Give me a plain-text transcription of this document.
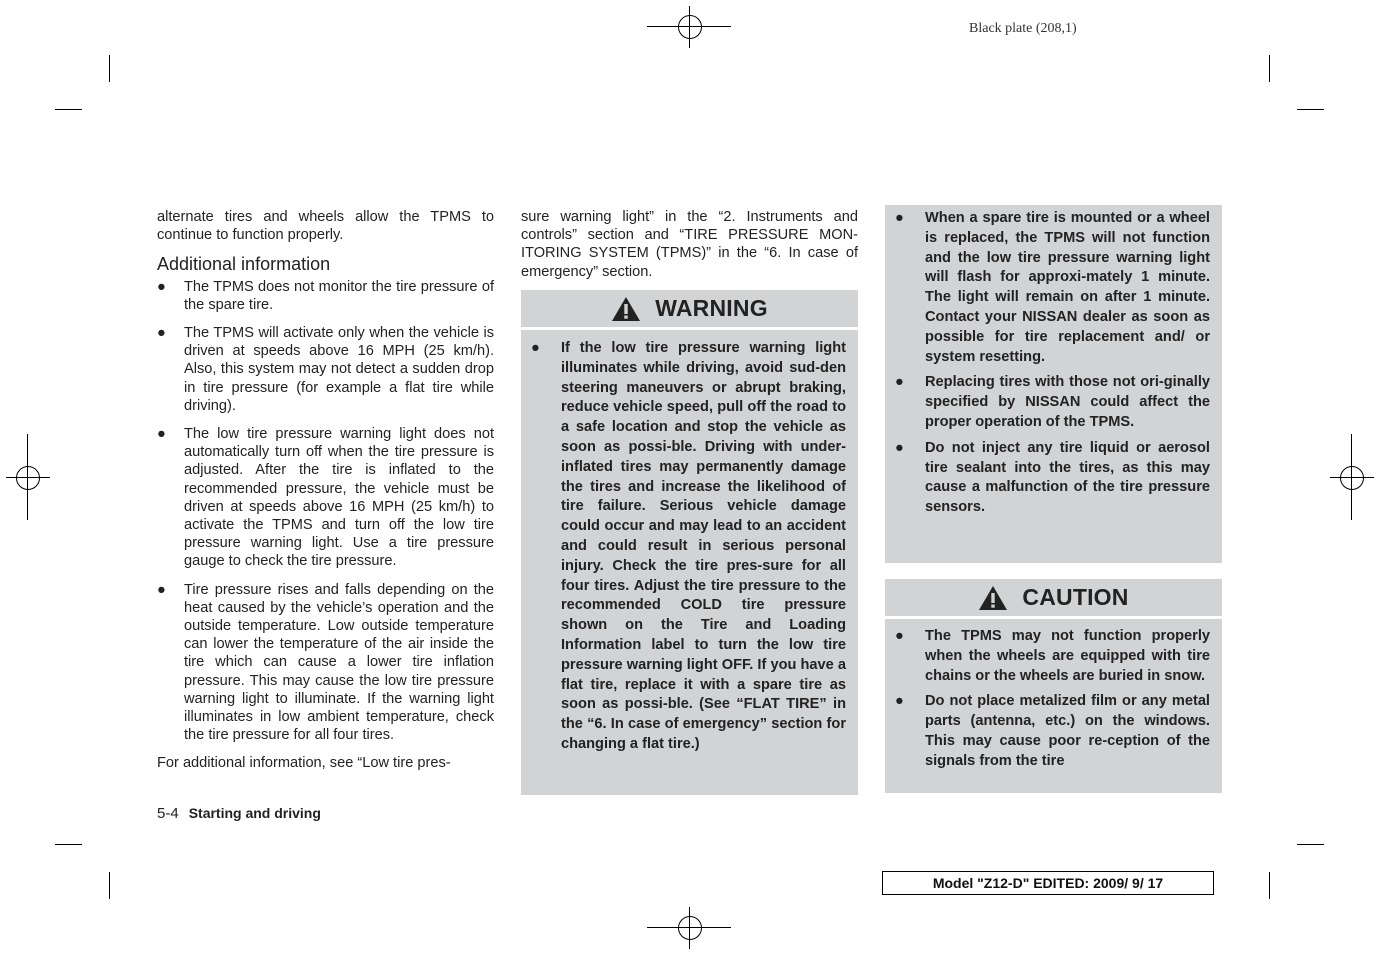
Black plate (208,1)

alternate tires and wheels allow the TPMS to continue to function properly.

Additional information
● The TPMS does not monitor the tire pressure of the spare tire.
● The TPMS will activate only when the vehicle is driven at speeds above 16 MPH (25 km/h). Also, this system may not detect a sudden drop in tire pressure (for example a flat tire while driving).
● The low tire pressure warning light does not automatically turn off when the tire pressure is adjusted. After the tire is inflated to the recommended pressure, the vehicle must be driven at speeds above 16 MPH (25 km/h) to activate the TPMS and turn off the low tire pressure warning light. Use a tire pressure gauge to check the tire pressure.
● Tire pressure rises and falls depending on the heat caused by the vehicle’s operation and the outside temperature. Low outside temperature can lower the temperature of the air inside the tire which can cause a lower tire inflation pressure. This may cause the low tire pressure warning light to illuminate. If the warning light illuminates in low ambient temperature, check the tire pressure for all four tires.

For additional information, see “Low tire pres-

sure warning light” in the “2. Instruments and controls” section and “TIRE PRESSURE MON-ITORING SYSTEM (TPMS)” in the “6. In case of emergency” section.

WARNING
● If the low tire pressure warning light illuminates while driving, avoid sud-den steering maneuvers or abrupt braking, reduce vehicle speed, pull off the road to a safe location and stop the vehicle as soon as possi-ble. Driving with under-inflated tires may permanently damage the tires and increase the likelihood of tire failure. Serious vehicle damage could occur and may lead to an accident and could result in serious personal injury. Check the tire pres-sure for all four tires. Adjust the tire pressure to the recommended COLD tire pressure shown on the Tire and Loading Information label to turn the low tire pressure warning light OFF. If you have a flat tire, replace it with a spare tire as soon as possi-ble. (See “FLAT TIRE” in the “6. In case of emergency” section for changing a flat tire.)
● When a spare tire is mounted or a wheel is replaced, the TPMS will not function and the low tire pressure warning light will flash for approxi-mately 1 minute. The light will remain on after 1 minute. Contact your NISSAN dealer as soon as possible for tire replacement and/ or system resetting.
● Replacing tires with those not ori-ginally specified by NISSAN could affect the proper operation of the TPMS.
● Do not inject any tire liquid or aerosol tire sealant into the tires, as this may cause a malfunction of the tire pressure sensors.
CAUTION
● The TPMS may not function properly when the wheels are equipped with tire chains or the wheels are buried in snow.
● Do not place metalized film or any metal parts (antenna, etc.) on the windows. This may cause poor re-ception of the signals from the tire
5-4 Starting and driving
Model "Z12-D" EDITED: 2009/ 9/ 17
